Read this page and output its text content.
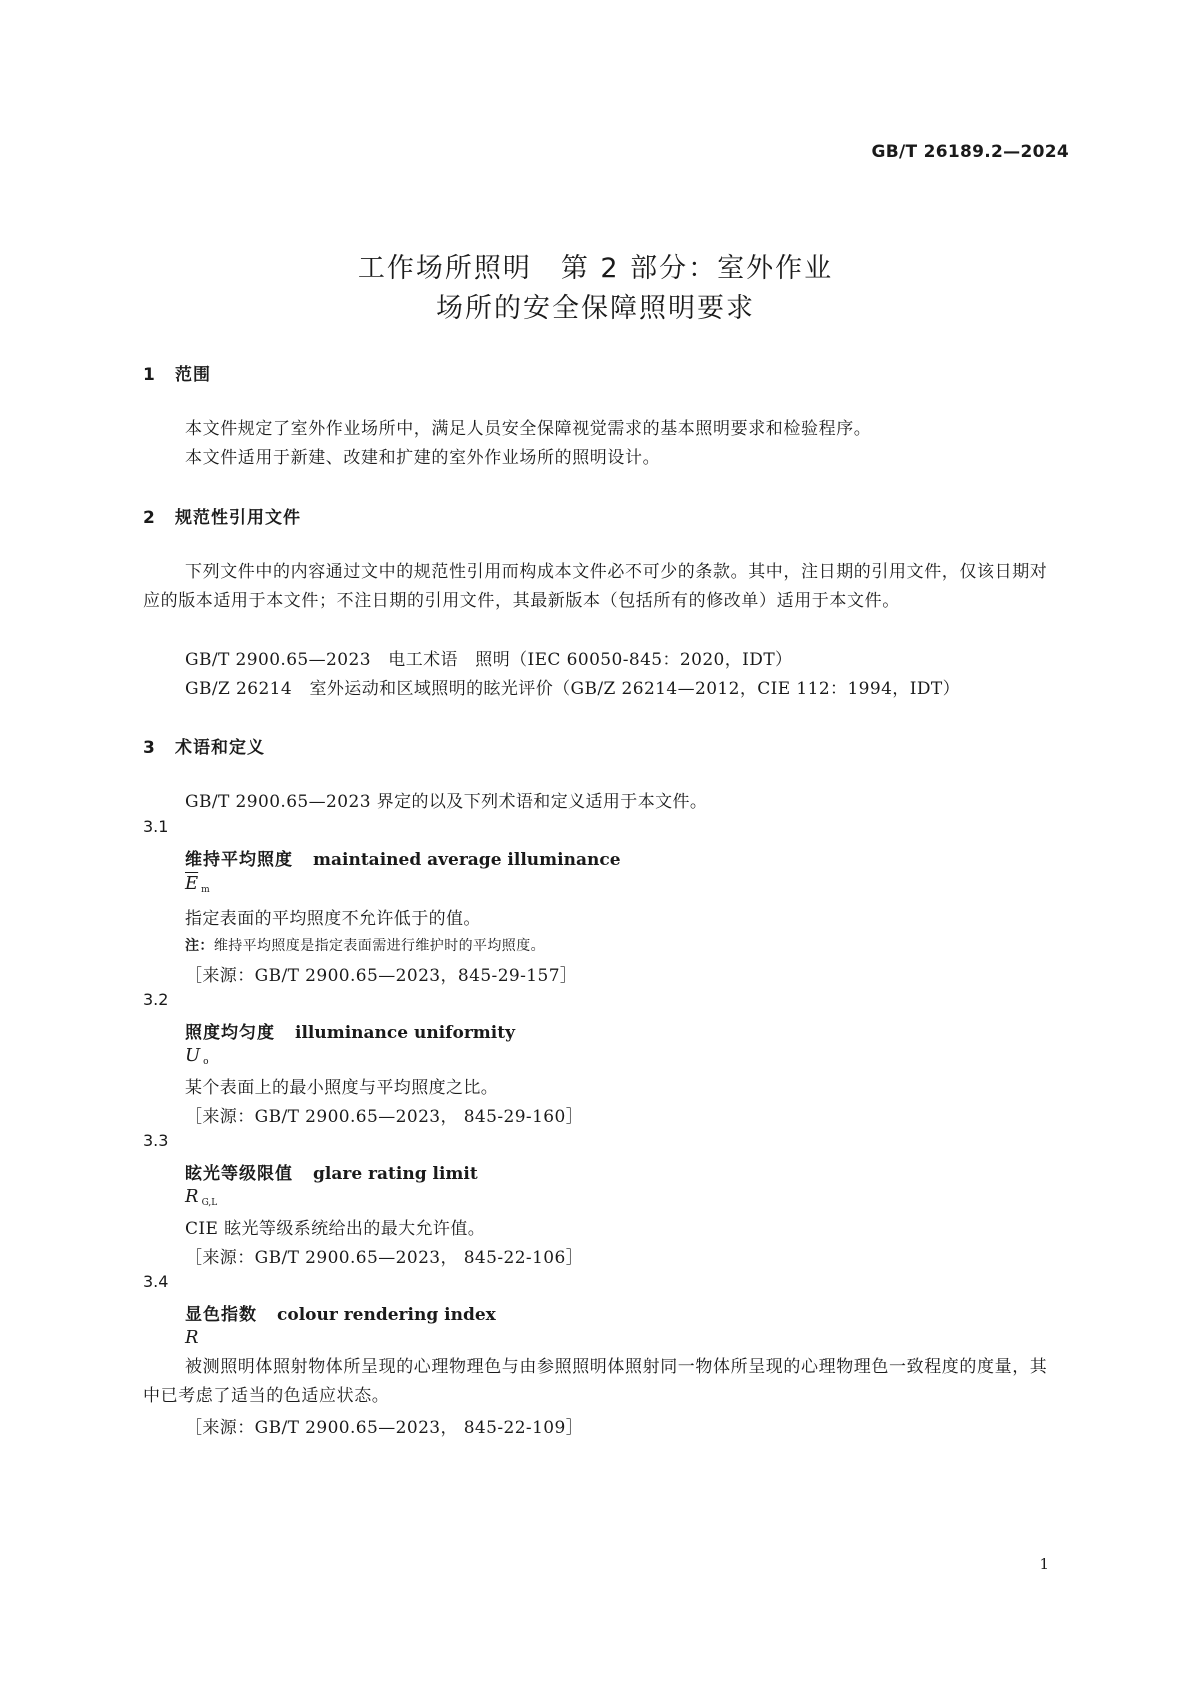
GB/T 26189.2—2024
工作场所照明　第 2 部分：室外作业
场所的安全保障照明要求
1 范围
本文件规定了室外作业场所中，满足人员安全保障视觉需求的基本照明要求和检验程序。
本文件适用于新建、改建和扩建的室外作业场所的照明设计。
2 规范性引用文件
下列文件中的内容通过文中的规范性引用而构成本文件必不可少的条款。其中，注日期的引用文件，仅该日期对应的版本适用于本文件；不注日期的引用文件，其最新版本（包括所有的修改单）适用于本文件。
GB/T 2900.65—2023　电工术语　照明（IEC 60050-845：2020，IDT）
GB/Z 26214　室外运动和区域照明的眩光评价（GB/Z 26214—2012，CIE 112：1994，IDT）
3 术语和定义
GB/T 2900.65—2023 界定的以及下列术语和定义适用于本文件。
3.1
维持平均照度 maintained average illuminance
$\overline{E}$ $_m$
指定表面的平均照度不允许低于的值。
注：维持平均照度是指定表面需进行维护时的平均照度。
［来源：GB/T 2900.65—2023，845-29-157］
3.2
照度均匀度 illuminance uniformity
U $_o$
某个表面上的最小照度与平均照度之比。
［来源：GB/T 2900.65—2023， 845-29-160］
3.3
眩光等级限值 glare rating limit
R $_{G,L}$
CIE 眩光等级系统给出的最大允许值。
［来源：GB/T 2900.65—2023， 845-22-106］
3.4
显色指数 colour rendering index
R
被测照明体照射物体所呈现的心理物理色与由参照照明体照射同一物体所呈现的心理物理色一致程度的度量，其中已考虑了适当的色适应状态。
［来源：GB/T 2900.65—2023， 845-22-109］
1
